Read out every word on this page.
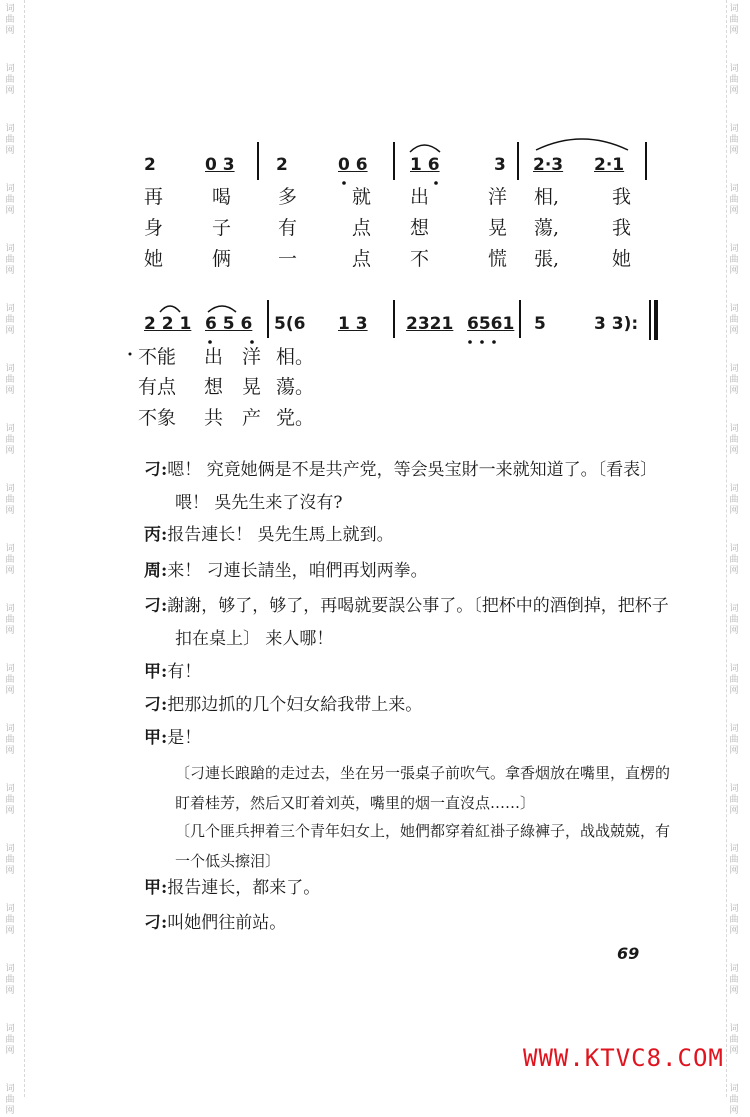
词
曲
网
词
曲
网
词
曲
网
词
曲
网
词
曲
网
词
曲
网
词
曲
网
词
曲
网
词
曲
网
词
曲
网
词
曲
网
词
曲
网
词
曲
网
词
曲
网
词
曲
网
词
曲
网
词
曲
网
词
曲
网
词
曲
网
词
曲
网
词
曲
网
词
曲
网
词
曲
网
词
曲
网
词
曲
网
词
曲
网
词
曲
网
词
曲
网
词
曲
网
词
曲
网
词
曲
网
词
曲
网
词
曲
网
词
曲
网
词
曲
网
词
曲
网
词
曲
网
词
曲
网
2	0 3 2	0 6 1 6	3 2·3 2·1
再	喝 多	就 出	洋 相,	我
身	子 有	点 想	晃 蕩,	我
她	俩 一	点 不	慌 張,	她
2 2 1 6 5 6 5(6 1 3 2321 6561 5	3 3):
不能 出 洋 相。
有点 想 晃 蕩。
不象 共 产 党。
刁:嗯！ 究竟她俩是不是共产党，等会吳宝財一来就知道了。〔看表〕喂！ 吳先生来了沒有?
丙:报告連长！ 吳先生馬上就到。
周:来！ 刁連长請坐，咱們再划两拳。
刁:謝謝，够了，够了，再喝就要誤公事了。〔把杯中的酒倒掉，把杯子扣在桌上〕 来人哪！
甲:有！
刁:把那边抓的几个妇女給我带上来。
甲:是！
〔刁連长踉蹌的走过去，坐在另一張桌子前吹气。拿香烟放在嘴里，直楞的盯着桂芳，然后又盯着刘英，嘴里的烟一直沒点……〕
〔几个匪兵押着三个青年妇女上，她們都穿着紅褂子綠褲子，战战兢兢，有一个低头擦泪〕
甲:报告連长，都来了。
刁:叫她們往前站。
69
WWW.KTVC8.COM
